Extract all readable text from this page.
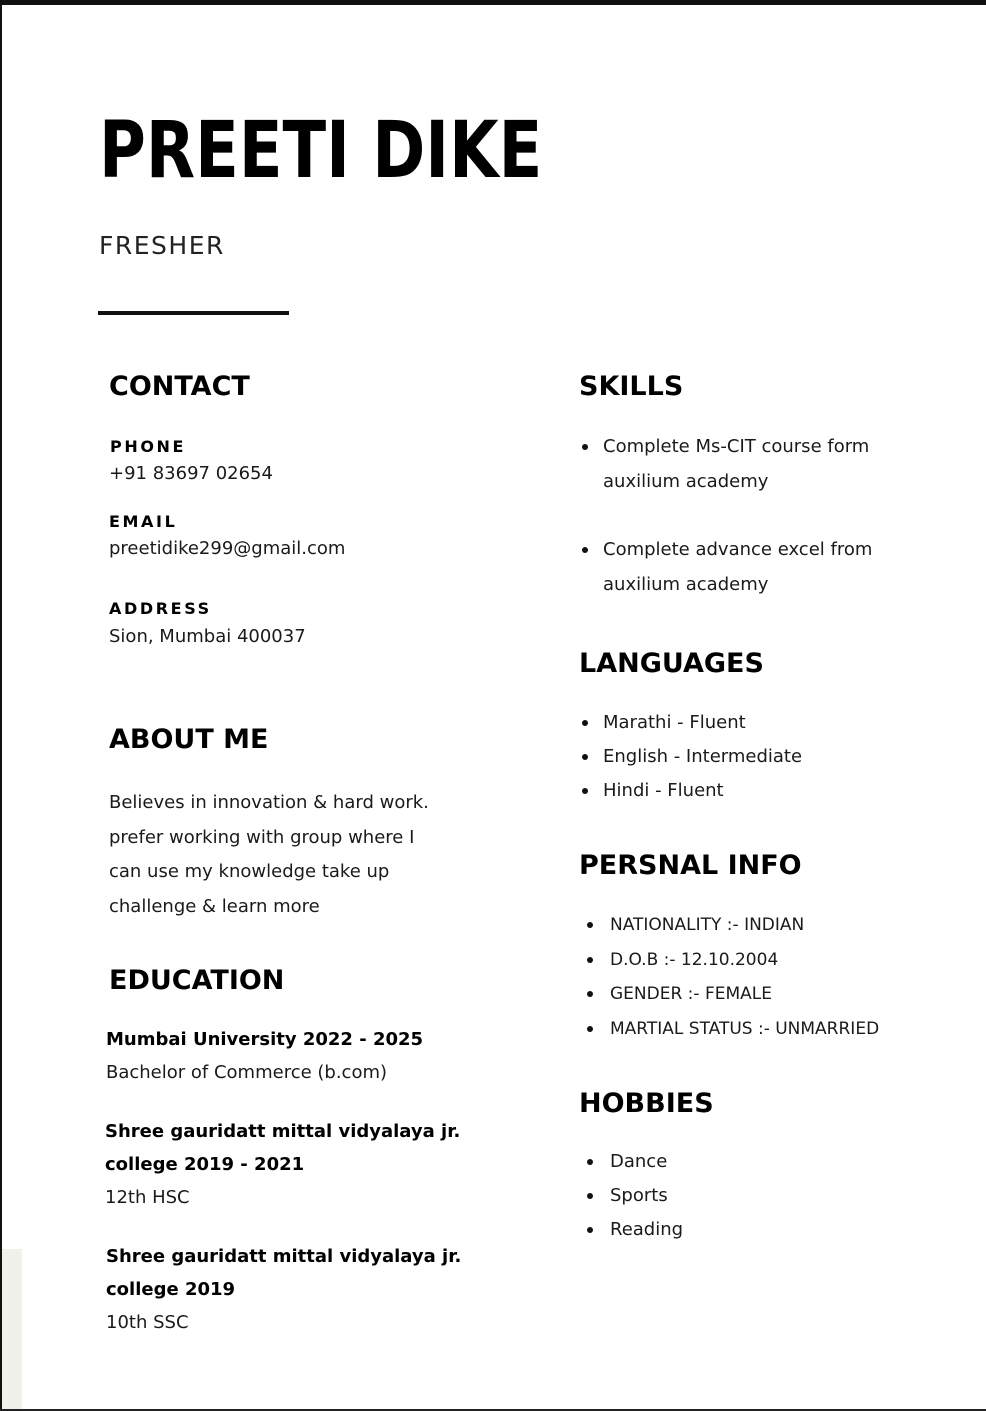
PREETI DIKE
FRESHER
CONTACT
PHONE
+91 83697 02654
EMAIL
preetidike299@gmail.com
ADDRESS
Sion, Mumbai 400037
ABOUT ME
Believes in innovation & hard work. prefer working with group where I can use my knowledge take up challenge & learn more
EDUCATION
Mumbai University 2022 - 2025
Bachelor of Commerce (b.com)
Shree gauridatt mittal vidyalaya jr. college 2019 - 2021
12th HSC
Shree gauridatt mittal vidyalaya jr. college 2019
10th SSC
SKILLS
Complete Ms-CIT course form auxilium academy
Complete advance excel from auxilium academy
LANGUAGES
Marathi - Fluent
English - Intermediate
Hindi - Fluent
PERSNAL INFO
NATIONALITY :- INDIAN
D.O.B :- 12.10.2004
GENDER :- FEMALE
MARTIAL STATUS :- UNMARRIED
HOBBIES
Dance
Sports
Reading
